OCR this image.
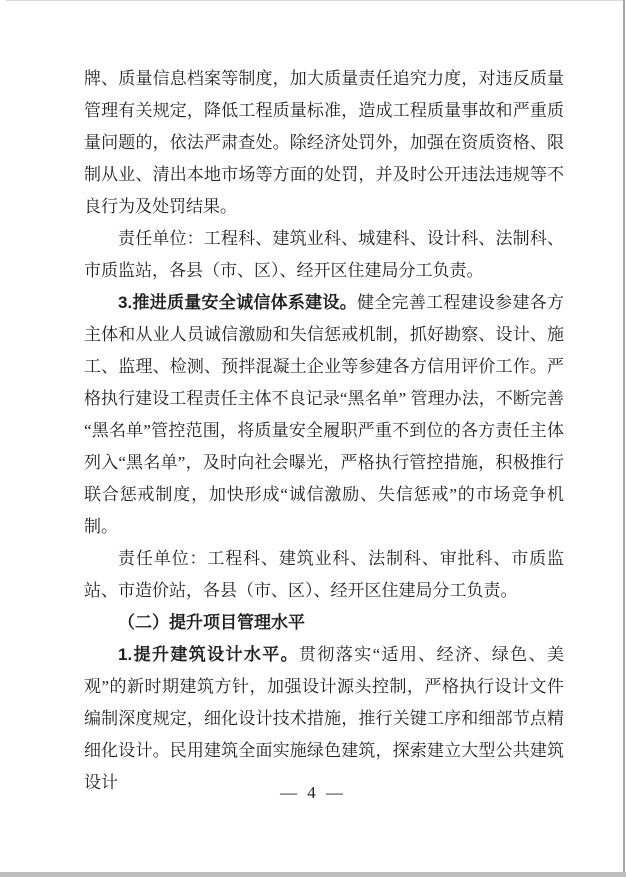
牌、质量信息档案等制度，加大质量责任追究力度，对违反质量管理有关规定，降低工程质量标准，造成工程质量事故和严重质量问题的，依法严肃查处。除经济处罚外，加强在资质资格、限制从业、清出本地市场等方面的处罚，并及时公开违法违规等不良行为及处罚结果。

责任单位：工程科、建筑业科、城建科、设计科、法制科、市质监站，各县（市、区）、经开区住建局分工负责。

3.推进质量安全诚信体系建设。健全完善工程建设参建各方主体和从业人员诚信激励和失信惩戒机制，抓好勘察、设计、施工、监理、检测、预拌混凝土企业等参建各方信用评价工作。严格执行建设工程责任主体不良记录“黑名单” 管理办法，不断完善 “黑名单”管控范围，将质量安全履职严重不到位的各方责任主体列入“黑名单”，及时向社会曝光，严格执行管控措施，积极推行联合惩戒制度，加快形成“诚信激励、失信惩戒”的市场竞争机制。

责任单位：工程科、建筑业科、法制科、审批科、市质监站、市造价站，各县（市、区）、经开区住建局分工负责。

（二）提升项目管理水平

1.提升建筑设计水平。贯彻落实“适用、经济、绿色、美观”的新时期建筑方针，加强设计源头控制，严格执行设计文件编制深度规定，细化设计技术措施，推行关键工序和细部节点精细化设计。民用建筑全面实施绿色建筑，探索建立大型公共建筑设计

— 4 —
